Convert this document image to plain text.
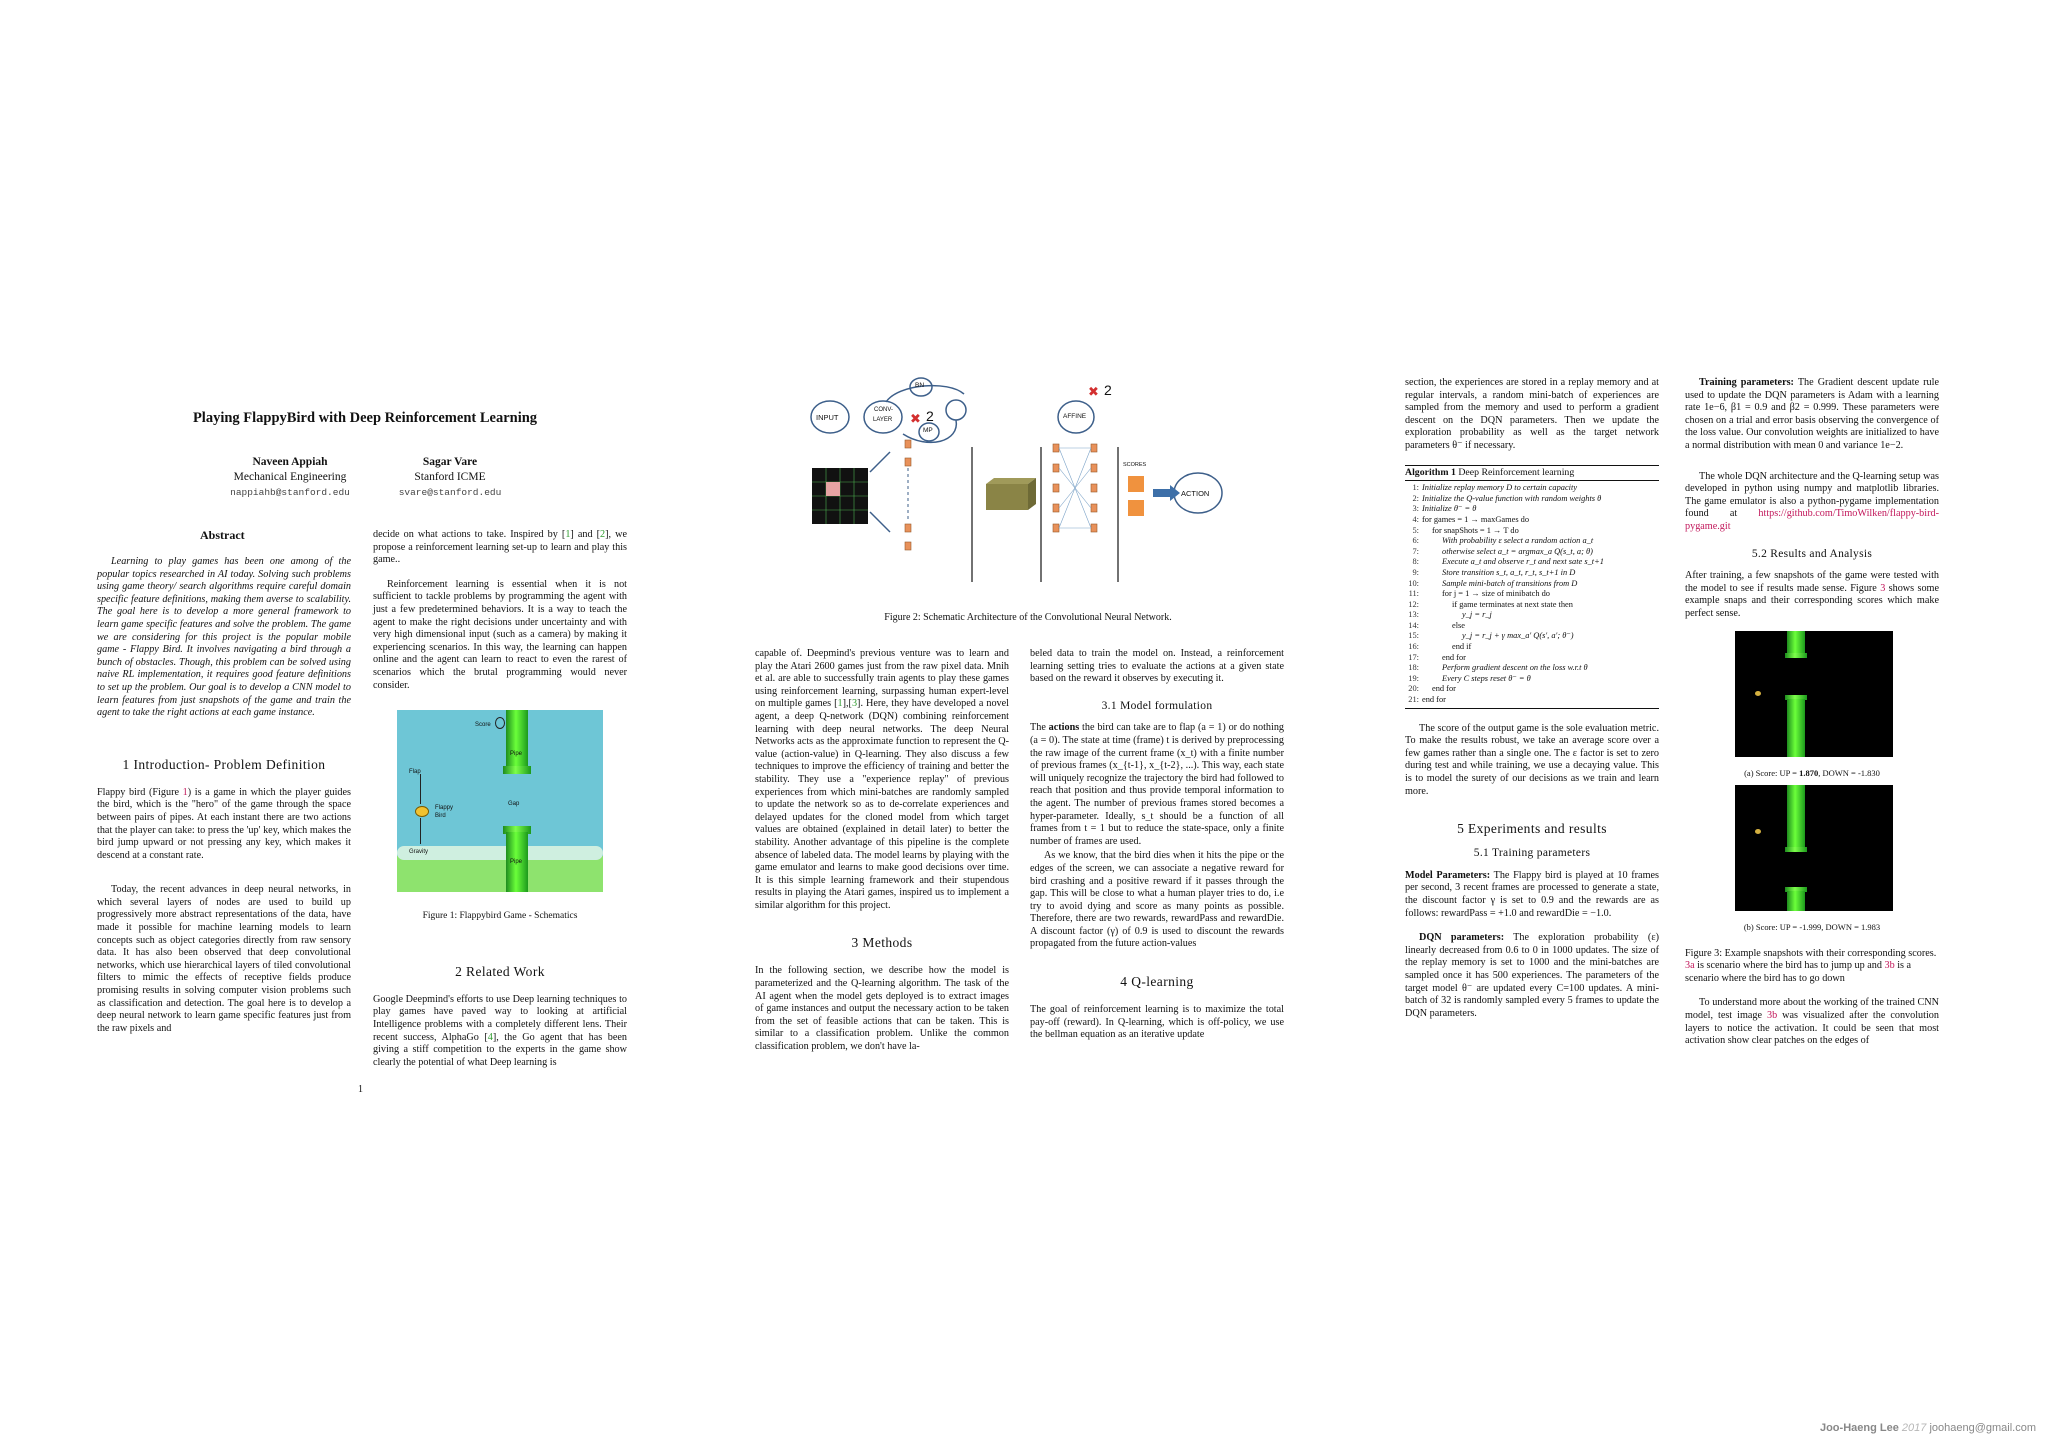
Playing FlappyBird with Deep Reinforcement Learning
Naveen Appiah
Mechanical Engineering
nappiahb@stanford.edu
Sagar Vare
Stanford ICME
svare@stanford.edu
Abstract

Learning to play games has been one among of the popular topics researched in AI today. Solving such problems using game theory/ search algorithms require careful domain specific feature definitions, making them averse to scalability. The goal here is to develop a more general framework to learn game specific features and solve the problem. The game we are considering for this project is the popular mobile game - Flappy Bird. It involves navigating a bird through a bunch of obstacles. Though, this problem can be solved using naive RL implementation, it requires good feature definitions to set up the problem. Our goal is to develop a CNN model to learn features from just snapshots of the game and train the agent to take the right actions at each game instance.

1 Introduction- Problem Definition

Flappy bird (Figure 1) is a game in which the player guides the bird, which is the "hero" of the game through the space between pairs of pipes. At each instant there are two actions that the player can take: to press the 'up' key, which makes the bird jump upward or not pressing any key, which makes it descend at a constant rate.

Today, the recent advances in deep neural networks, in which several layers of nodes are used to build up progressively more abstract representations of the data, have made it possible for machine learning models to learn concepts such as object categories directly from raw sensory data. It has also been observed that deep convolutional networks, which use hierarchical layers of tiled convolutional filters to mimic the effects of receptive fields produce promising results in solving computer vision problems such as classification and detection. The goal here is to develop a deep neural network to learn game specific features just from the raw pixels and

decide on what actions to take. Inspired by [1] and [2], we propose a reinforcement learning set-up to learn and play this game..

Reinforcement learning is essential when it is not sufficient to tackle problems by programming the agent with just a few predetermined behaviors. It is a way to teach the agent to make the right decisions under uncertainty and with very high dimensional input (such as a camera) by making it experiencing scenarios. In this way, the learning can happen online and the agent can learn to react to even the rarest of scenarios which the brutal programming would never consider.

Score
Pipe
Flap
Flappy
Bird
Gap
Gravity
Pipe

Figure 1: Flappybird Game - Schematics

2 Related Work

Google Deepmind's efforts to use Deep learning techniques to play games have paved way to looking at artificial Intelligence problems with a completely different lens. Their recent success, AlphaGo [4], the Go agent that has been giving a stiff competition to the experts in the game show clearly the potential of what Deep learning is

1
✖
✖
INPUT
CONV-
LAYER
BN
MP
2	AFFINE
2
SCORES
ACTION
Figure 2: Schematic Architecture of the Convolutional Neural Network.

capable of. Deepmind's previous venture was to learn and play the Atari 2600 games just from the raw pixel data. Mnih et al. are able to successfully train agents to play these games using reinforcement learning, surpassing human expert-level on multiple games [1],[3]. Here, they have developed a novel agent, a deep Q-network (DQN) combining reinforcement learning with deep neural networks. The deep Neural Networks acts as the approximate function to represent the Q-value (action-value) in Q-learning. They also discuss a few techniques to improve the efficiency of training and better the stability. They use a "experience replay" of previous experiences from which mini-batches are randomly sampled to update the network so as to de-correlate experiences and delayed updates for the cloned model from which target values are obtained (explained in detail later) to better the stability. Another advantage of this pipeline is the complete absence of labeled data. The model learns by playing with the game emulator and learns to make good decisions over time. It is this simple learning framework and their stupendous results in playing the Atari games, inspired us to implement a similar algorithm for this project.

3 Methods

In the following section, we describe how the model is parameterized and the Q-learning algorithm. The task of the AI agent when the model gets deployed is to extract images of game instances and output the necessary action to be taken from the set of feasible actions that can be taken. This is similar to a classification problem. Unlike the common classification problem, we don't have la-

beled data to train the model on. Instead, a reinforcement learning setting tries to evaluate the actions at a given state based on the reward it observes by executing it.

3.1 Model formulation

The actions the bird can take are to flap (a = 1) or do nothing (a = 0). The state at time (frame) t is derived by preprocessing the raw image of the current frame (x_t) with a finite number of previous frames (x_{t-1}, x_{t-2}, ...). This way, each state will uniquely recognize the trajectory the bird had followed to reach that position and thus provide temporal information to the agent. The number of previous frames stored becomes a hyper-parameter. Ideally, s_t should be a function of all frames from t = 1 but to reduce the state-space, only a finite number of frames are used.

As we know, that the bird dies when it hits the pipe or the edges of the screen, we can associate a negative reward for bird crashing and a positive reward if it passes through the gap. This will be close to what a human player tries to do, i.e try to avoid dying and score as many points as possible. Therefore, there are two rewards, rewardPass and rewardDie. A discount factor (γ) of 0.9 is used to discount the rewards propagated from the future action-values

4 Q-learning

The goal of reinforcement learning is to maximize the total pay-off (reward). In Q-learning, which is off-policy, we use the bellman equation as an iterative update

section, the experiences are stored in a replay memory and at regular intervals, a random mini-batch of experiences are sampled from the memory and used to perform a gradient descent on the DQN parameters. Then we update the exploration probability as well as the target network parameters θ⁻ if necessary.

Algorithm 1 Deep Reinforcement learning
1: Initialize replay memory D to certain capacity
2: Initialize the Q-value function with random weights θ
3: Initialize θ⁻ = θ
4: for games = 1 → maxGames do
5: for snapShots = 1 → T do
6:	With probability ε select a random action a_t
7:	otherwise select a_t = argmax_a Q(s_t, a; θ)
8:	Execute a_t and observe r_t and next sate s_t+1
9:	Store transition s_t, a_t, r_t, s_t+1 in D
10:	Sample mini-batch of transitions from D
11:	for j = 1 → size of minibatch do
12:	if game terminates at next state then
13:	y_j = r_j
14:	else
15:	y_j = r_j + γ max_a' Q(s', a'; θ⁻)
16:	end if
17:	end for
18:	Perform gradient descent on the loss w.r.t θ
19:	Every C steps reset θ⁻ = θ
20: end for
21: end for

The score of the output game is the sole evaluation metric. To make the results robust, we take an average score over a few games rather than a single one. The ε factor is set to zero during test and while training, we use a decaying value. This is to model the surety of our decisions as we train and learn more.

5 Experiments and results
5.1 Training parameters

Model Parameters: The Flappy bird is played at 10 frames per second, 3 recent frames are processed to generate a state, the discount factor γ is set to 0.9 and the rewards are as follows: rewardPass = +1.0 and rewardDie = −1.0.

DQN parameters: The exploration probability (ε) linearly decreased from 0.6 to 0 in 1000 updates. The size of the replay memory is set to 1000 and the mini-batches are sampled once it has 500 experiences. The parameters of the target model θ⁻ are updated every C=100 updates. A mini-batch of 32 is randomly sampled every 5 frames to update the DQN parameters.

Training parameters: The Gradient descent update rule used to update the DQN parameters is Adam with a learning rate 1e−6, β1 = 0.9 and β2 = 0.999. These parameters were chosen on a trial and error basis observing the convergence of the loss value. Our convolution weights are initialized to have a normal distribution with mean 0 and variance 1e−2.

The whole DQN architecture and the Q-learning setup was developed in python using numpy and matplotlib libraries. The game emulator is also a python-pygame implementation found at https://github.com/TimoWilken/flappy-bird-pygame.git

5.2 Results and Analysis

After training, a few snapshots of the game were tested with the model to see if results made sense. Figure 3 shows some example snaps and their corresponding scores which make perfect sense.

(a) Score: UP = 1.870, DOWN = -1.830

(b) Score: UP = -1.999, DOWN = 1.983

Figure 3: Example snapshots with their corresponding scores. 3a is scenario where the bird has to jump up and 3b is a scenario where the bird has to go down

To understand more about the working of the trained CNN model, test image 3b was visualized after the convolution layers to notice the activation. It could be seen that most activation show clear patches on the edges of

Joo-Haeng Lee 2017 joohaeng@gmail.com
